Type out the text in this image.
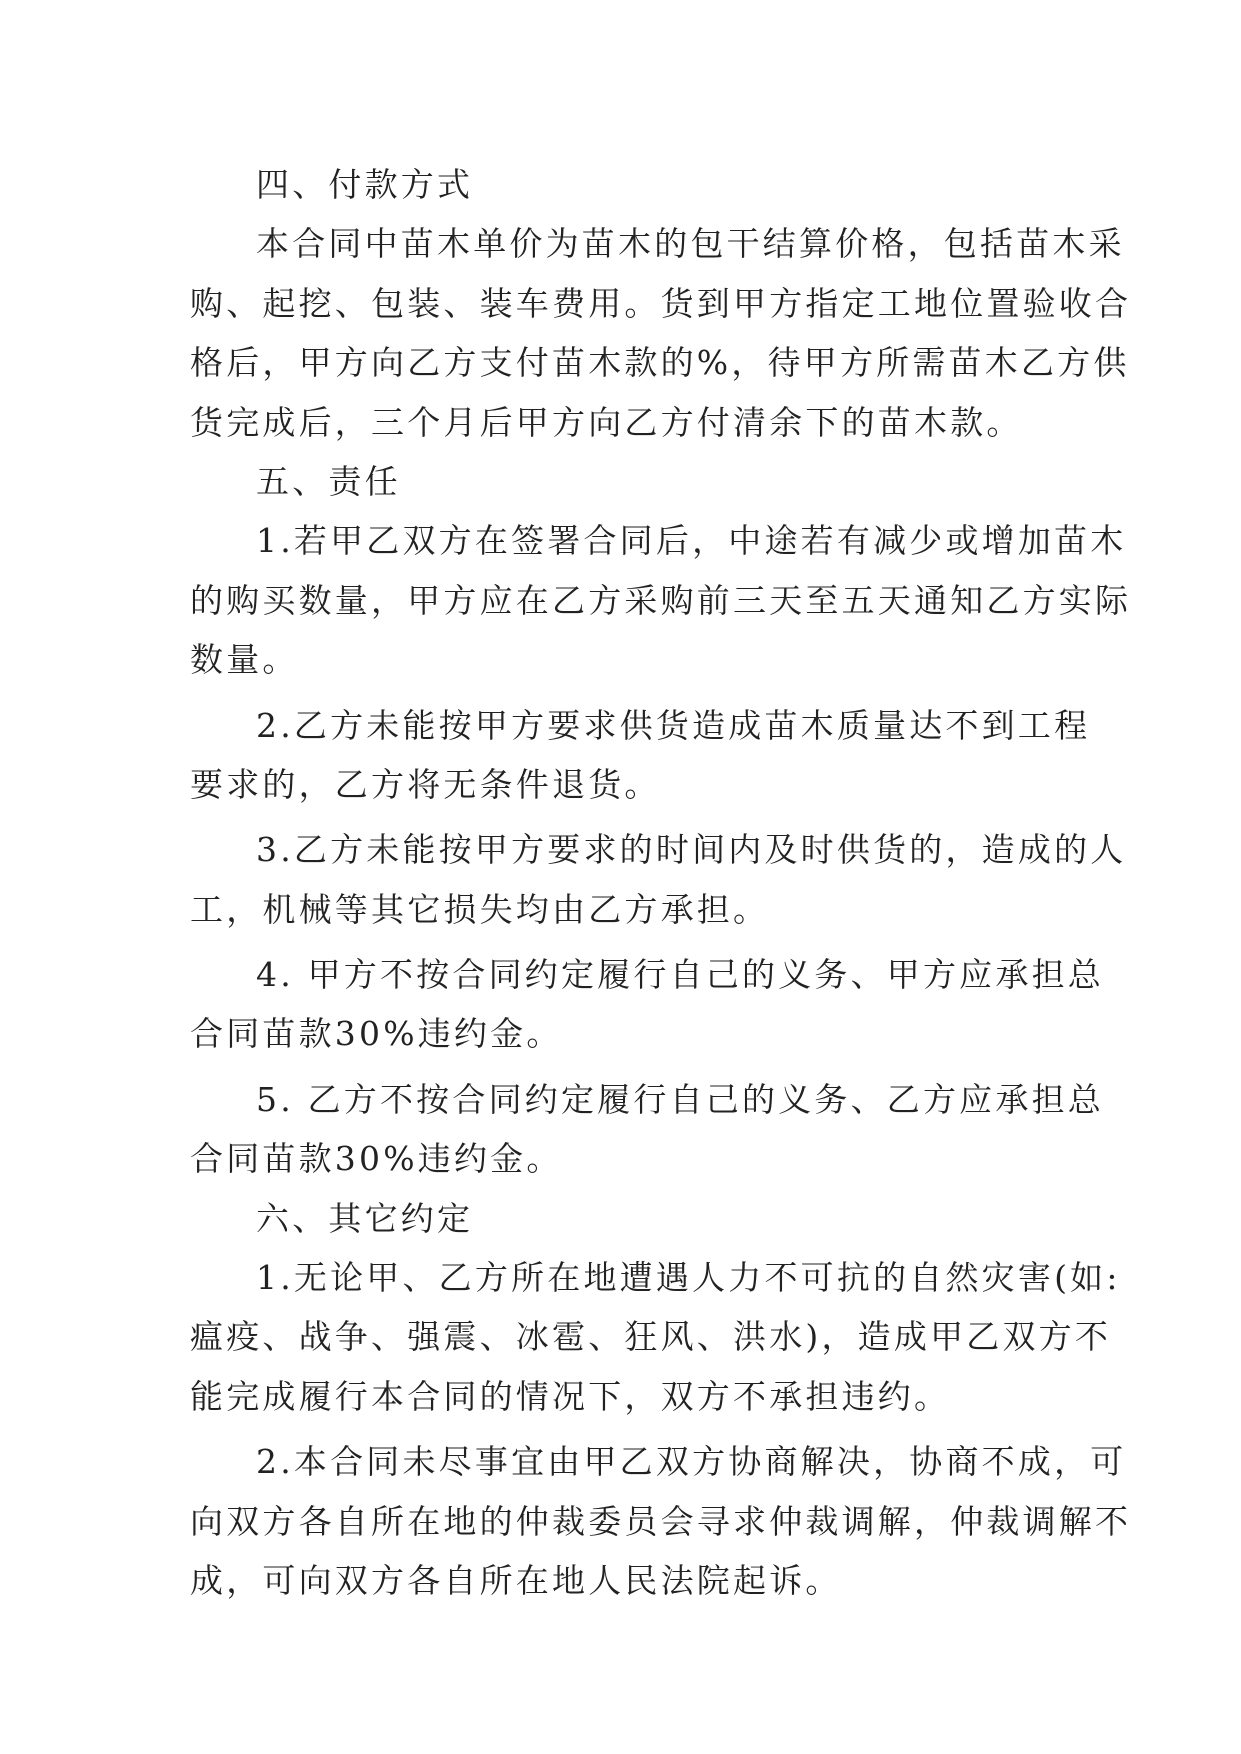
四、付款方式
本合同中苗木单价为苗木的包干结算价格，包括苗木采
购、起挖、包装、装车费用。货到甲方指定工地位置验收合
格后，甲方向乙方支付苗木款的%，待甲方所需苗木乙方供
货完成后，三个月后甲方向乙方付清余下的苗木款。
五、责任
1.若甲乙双方在签署合同后，中途若有减少或增加苗木
的购买数量，甲方应在乙方采购前三天至五天通知乙方实际
数量。
2.乙方未能按甲方要求供货造成苗木质量达不到工程
要求的，乙方将无条件退货。
3.乙方未能按甲方要求的时间内及时供货的，造成的人
工，机械等其它损失均由乙方承担。
4. 甲方不按合同约定履行自己的义务、甲方应承担总
合同苗款30%违约金。
5. 乙方不按合同约定履行自己的义务、乙方应承担总
合同苗款30%违约金。
六、其它约定
1.无论甲、乙方所在地遭遇人力不可抗的自然灾害(如:
瘟疫、战争、强震、冰雹、狂风、洪水)，造成甲乙双方不
能完成履行本合同的情况下，双方不承担违约。
2.本合同未尽事宜由甲乙双方协商解决，协商不成，可
向双方各自所在地的仲裁委员会寻求仲裁调解，仲裁调解不
成，可向双方各自所在地人民法院起诉。
